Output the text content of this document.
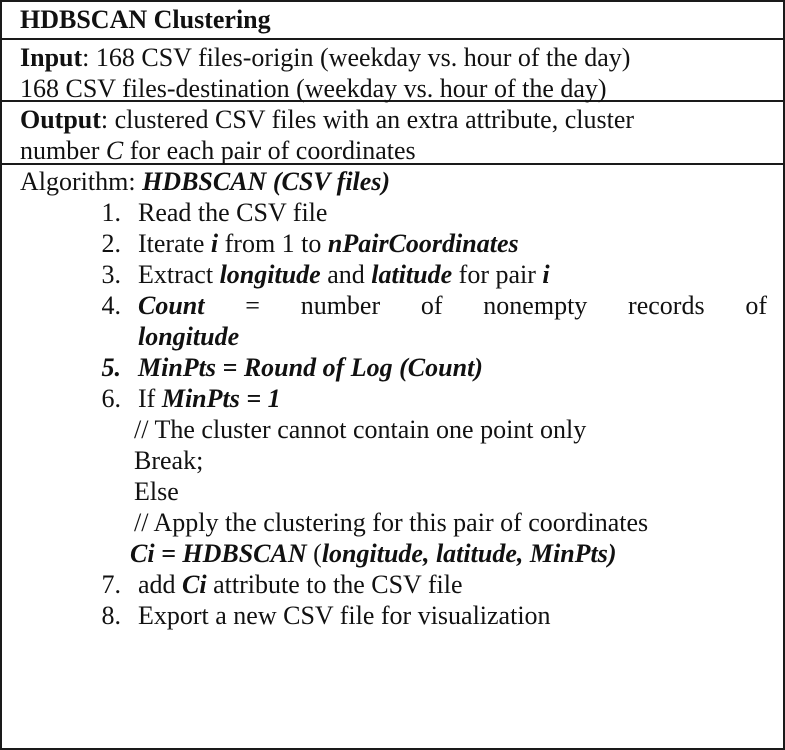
HDBSCAN Clustering
Input: 168 CSV files-origin (weekday vs. hour of the day)
168 CSV files-destination (weekday vs. hour of the day)
Output: clustered CSV files with an extra attribute, cluster
number C for each pair of coordinates
Algorithm: HDBSCAN (CSV files)
1. Read the CSV file
2. Iterate i from 1 to nPairCoordinates
3. Extract longitude and latitude for pair i
4. Count = number of nonempty records of
longitude
5. MinPts = Round of Log (Count)
6. If MinPts = 1
// The cluster cannot contain one point only
Break;
Else
// Apply the clustering for this pair of coordinates
Ci = HDBSCAN (longitude, latitude, MinPts)
7. add Ci attribute to the CSV file
8. Export a new CSV file for visualization
